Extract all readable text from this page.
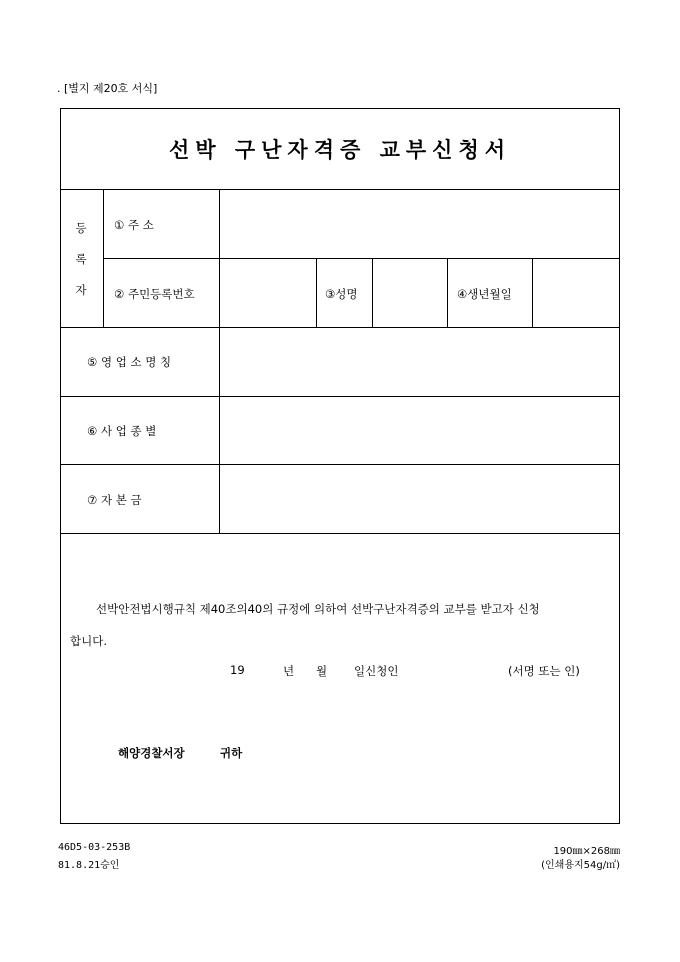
. [별지 제20호 서식]
선박 구난자격증 교부신청서
등
록
자
① 주 소
② 주민등록번호	③성명	④생년월일
⑤ 영 업 소 명 칭
⑥ 사 업 종 별
⑦ 자 본 금
선박안전법시행규칙 제40조의40의 규정에 의하여 선박구난자격증의 교부를 받고자 신청
합니다.
19	년 월 일신청인	(서명 또는 인)
해양경찰서장	귀하
46D5-03-253B
81.8.21승인
190㎜×268㎜
(인쇄용지54g/㎡)
